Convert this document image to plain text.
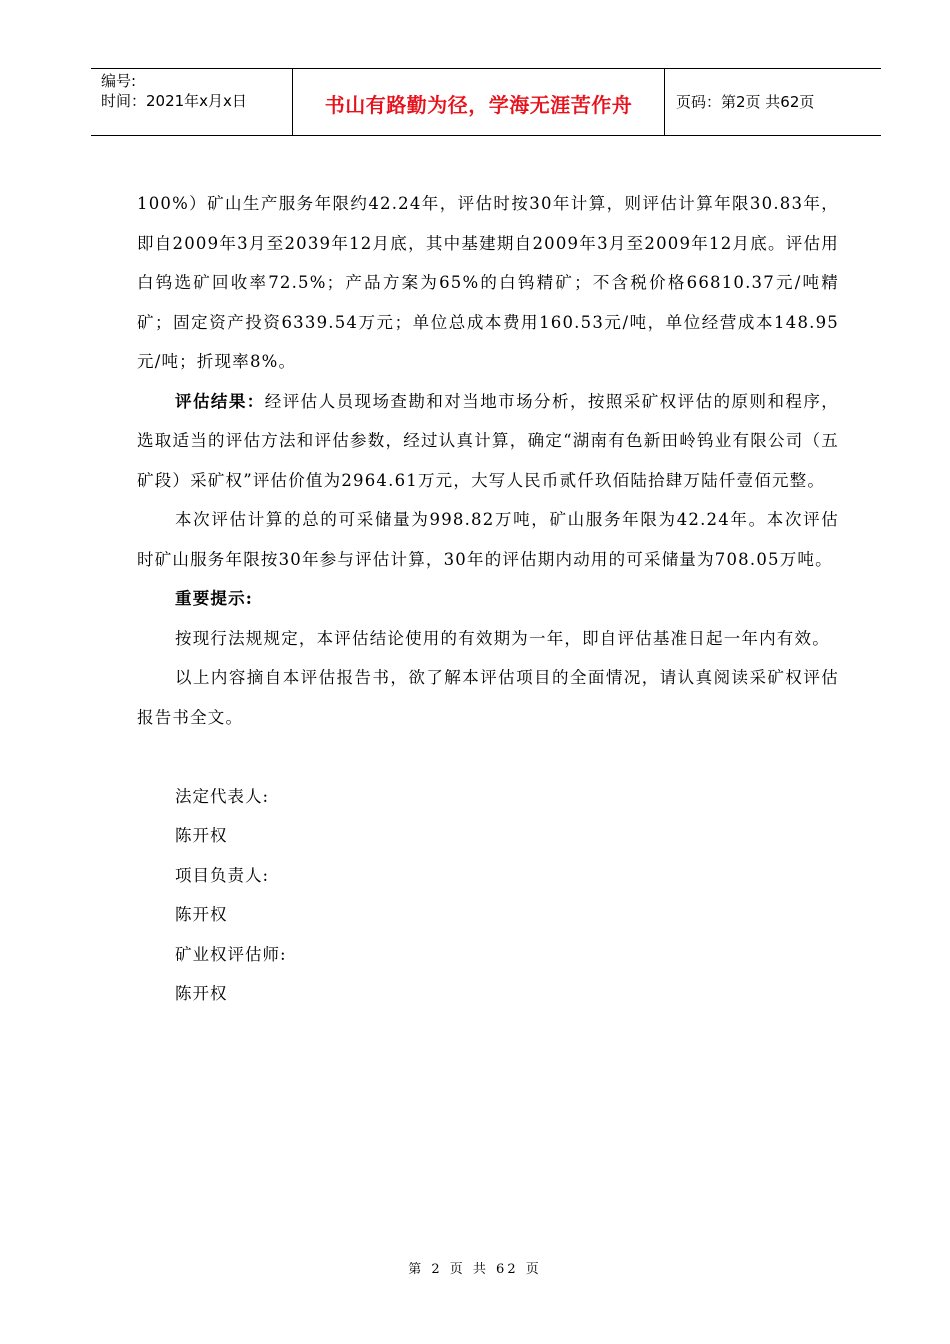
编号:
时间：2021年x月x日	书山有路勤为径，学海无涯苦作舟	页码：第2页 共62页

100%）矿山生产服务年限约42.24年，评估时按30年计算，则评估计算年限30.83年，即自2009年3月至2039年12月底，其中基建期自2009年3月至2009年12月底。评估用白钨选矿回收率72.5%；产品方案为65%的白钨精矿；不含税价格66810.37元/吨精矿；固定资产投资6339.54万元；单位总成本费用160.53元/吨，单位经营成本148.95元/吨；折现率8%。

评估结果：经评估人员现场查勘和对当地市场分析，按照采矿权评估的原则和程序，选取适当的评估方法和评估参数，经过认真计算，确定“湖南有色新田岭钨业有限公司（五矿段）采矿权”评估价值为2964.61万元，大写人民币贰仟玖佰陆拾肆万陆仟壹佰元整。

本次评估计算的总的可采储量为998.82万吨，矿山服务年限为42.24年。本次评估时矿山服务年限按30年参与评估计算，30年的评估期内动用的可采储量为708.05万吨。

重要提示:

按现行法规规定，本评估结论使用的有效期为一年，即自评估基准日起一年内有效。

以上内容摘自本评估报告书，欲了解本评估项目的全面情况，请认真阅读采矿权评估报告书全文。

法定代表人:

陈开权

项目负责人:

陈开权

矿业权评估师:

陈开权

第 2 页 共 62 页
